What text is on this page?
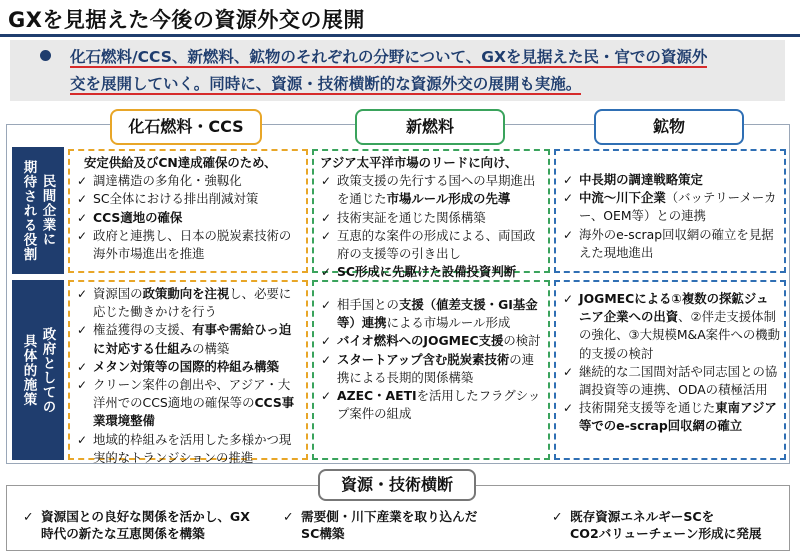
GXを見据えた今後の資源外交の展開

化石燃料/CCS、新燃料、鉱物のそれぞれの分野について、GXを見据えた民・官での資源外

交を展開していく。同時に、資源・技術横断的な資源外交の展開も実施。

化石燃料・CCS	新燃料	鉱物
期待される役割 民間企業に
具体的施策 政府としての
安定供給及びCN達成確保のため、
✓ 調達構造の多角化・強靱化
✓ SC全体における排出削減対策
✓ CCS適地の確保
✓ 政府と連携し、日本の脱炭素技術の海外市場進出を推進
アジア太平洋市場のリードに向け、
✓ 政策支援の先行する国への早期進出を通じた市場ルール形成の先導
✓ 技術実証を通じた関係構築
✓ 互恵的な案件の形成による、両国政府の支援等の引き出し
✓ SC形成に先駆けた設備投資判断
✓ 中長期の調達戦略策定
✓ 中流～川下企業（バッテリーメーカー、OEM等）との連携
✓ 海外のe-scrap回収網の確立を見据えた現地進出
✓ 資源国の政策動向を注視し、必要に応じた働きかけを行う
✓ 権益獲得の支援、有事や需給ひっ迫に対応する仕組みの構築
✓ メタン対策等の国際的枠組み構築
✓ クリーン案件の創出や、アジア・大洋州でのCCS適地の確保等のCCS事業環境整備
✓ 地域的枠組みを活用した多様かつ現実的なトランジションの推進
✓ 相手国との支援（値差支援・GI基金等）連携による市場ルール形成
✓ バイオ燃料へのJOGMEC支援の検討
✓ スタートアップ含む脱炭素技術の連携による長期的関係構築
✓ AZEC・AETIを活用したフラグシップ案件の組成
✓ JOGMECによる①複数の探鉱ジュニア企業への出資、②伴走支援体制の強化、③大規模M&A案件への機動的支援の検討
✓ 継続的な二国間対話や同志国との協調投資等の連携、ODAの積極活用
✓ 技術開発支援等を通じた東南アジア等でのe-scrap回収網の確立
✓ 資源国との良好な関係を活かし、GX
時代の新たな互恵関係を構築
✓ 需要側・川下産業を取り込んだ
SC構築
✓ 既存資源エネルギーSCを
CO2バリューチェーン形成に発展
資源・技術横断
